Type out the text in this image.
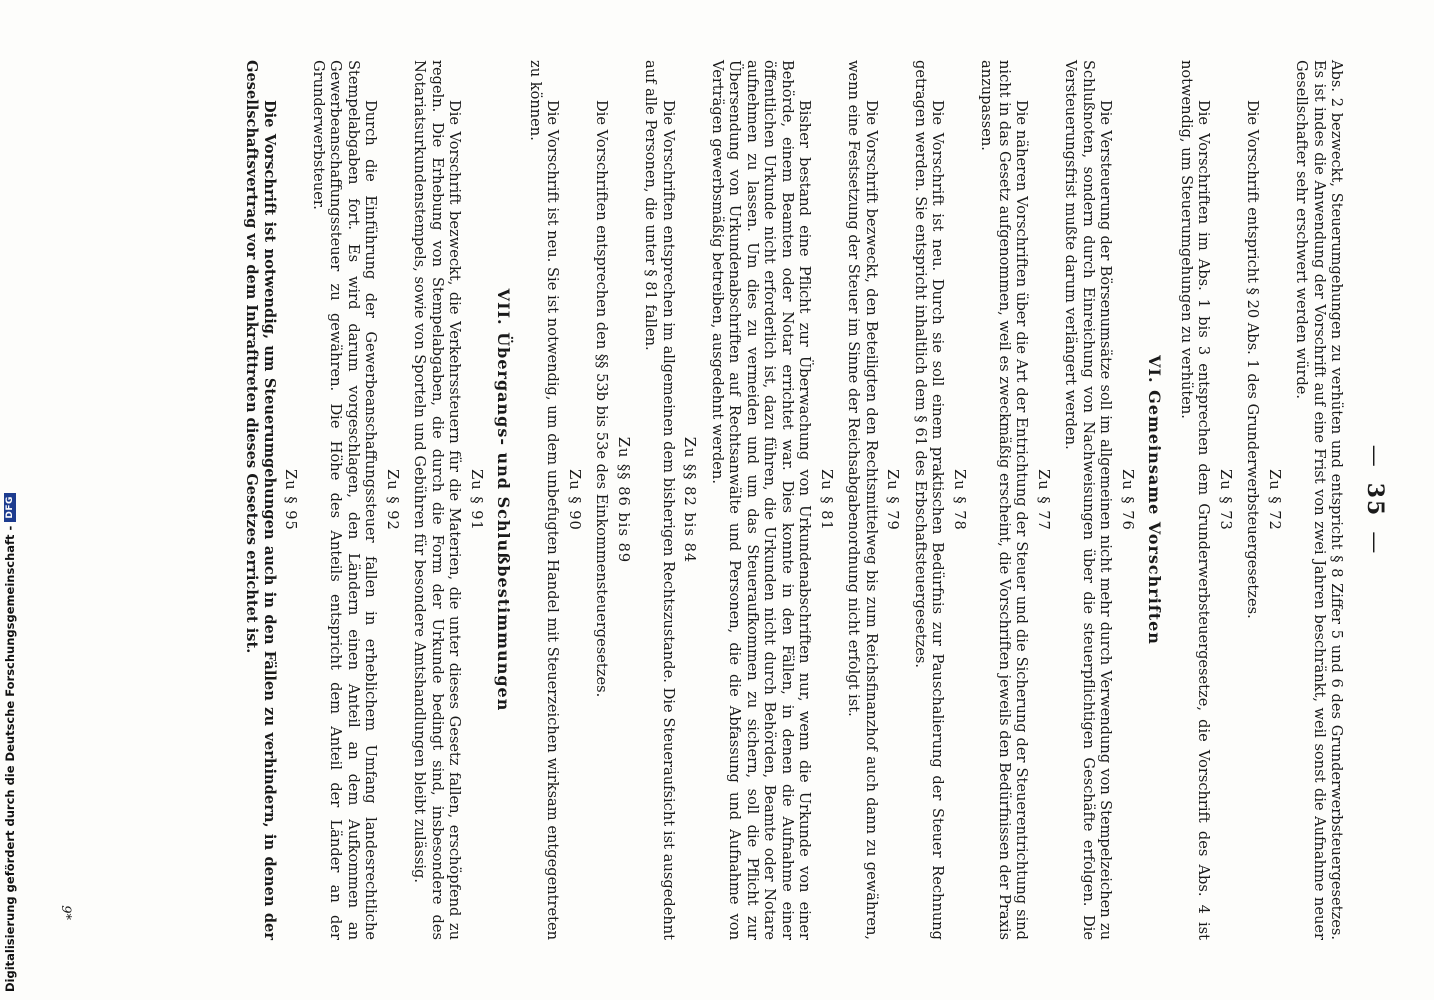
—35—

Abs. 2 bezweckt, Steuerumgehungen zu verhüten und entspricht § 8 Ziffer 5 und 6 des Grunderwerbsteuergesetzes. Es ist indes die Anwendung der Vorschrift auf eine Frist von zwei Jahren beschränkt, weil sonst die Aufnahme neuer Gesellschafter sehr erschwert werden würde.

Zu § 72

Die Vorschrift entspricht § 20 Abs. 1 des Grunderwerbsteuergesetzes.

Zu § 73

Die Vorschriften im Abs. 1 bis 3 entsprechen dem Grunderwerbsteuergesetze, die Vorschrift des Abs. 4 ist notwendig, um Steuerumgehungen zu verhüten.

VI. Gemeinsame Vorschriften
Zu § 76

Die Versteuerung der Börsenumsätze soll im allgemeinen nicht mehr durch Verwendung von Stempelzeichen zu Schlußnoten, sondern durch Einreichung von Nachweisungen über die steuerpflichtigen Geschäfte erfolgen. Die Versteuerungsfrist mußte darum verlängert werden.

Zu § 77

Die näheren Vorschriften über die Art der Entrichtung der Steuer und die Sicherung der Steuerentrichtung sind nicht in das Gesetz aufgenommen, weil es zweckmäßig erscheint, die Vorschriften jeweils den Bedürfnissen der Praxis anzupassen.

Zu § 78

Die Vorschrift ist neu. Durch sie soll einem praktischen Bedürfnis zur Pauschalierung der Steuer Rechnung getragen werden. Sie entspricht inhaltlich dem § 61 des Erbschaftsteuergesetzes.

Zu § 79

Die Vorschrift bezweckt, den Beteiligten den Rechtsmittelweg bis zum Reichsfinanzhof auch dann zu gewähren, wenn eine Festsetzung der Steuer im Sinne der Reichsabgabenordnung nicht erfolgt ist.

Zu § 81

Bisher bestand eine Pflicht zur Überwachung von Urkundenabschriften nur, wenn die Urkunde von einer Behörde, einem Beamten oder Notar errichtet war. Dies konnte in den Fällen, in denen die Aufnahme einer öffentlichen Urkunde nicht erforderlich ist, dazu führen, die Urkunden nicht durch Behörden, Beamte oder Notare aufnehmen zu lassen. Um dies zu vermeiden und um das Steueraufkommen zu sichern, soll die Pflicht zur Übersendung von Urkundenabschriften auf Rechtsanwälte und Personen, die die Abfassung und Aufnahme von Verträgen gewerbsmäßig betreiben, ausgedehnt werden.

Zu §§ 82 bis 84

Die Vorschriften entsprechen im allgemeinen dem bisherigen Rechtszustande. Die Steueraufsicht ist ausgedehnt auf alle Personen, die unter § 81 fallen.

Zu §§ 86 bis 89

Die Vorschriften entsprechen den §§ 53b bis 53e des Einkommensteuergesetzes.

Zu § 90

Die Vorschrift ist neu. Sie ist notwendig, um dem unbefugten Handel mit Steuerzeichen wirksam entgegentreten zu können.

VII. Übergangs- und Schlußbestimmungen
Zu § 91

Die Vorschrift bezweckt, die Verkehrssteuern für die Materien, die unter dieses Gesetz fallen, erschöpfend zu regeln. Die Erhebung von Stempelabgaben, die durch die Form der Urkunde bedingt sind, insbesondere des Notariatsurkundenstempels, sowie von Sporteln und Gebühren für besondere Amtshandlungen bleibt zulässig.

Zu § 92

Durch die Einführung der Gewerbeanschaffungssteuer fallen in erheblichem Umfang landesrechtliche Stempelabgaben fort. Es wird darum vorgeschlagen, den Ländern einen Anteil an dem Aufkommen an Gewerbeanschaffungssteuer zu gewähren. Die Höhe des Anteils entspricht dem Anteil der Länder an der Grunderwerbsteuer.

Zu § 95

Die Vorschrift ist notwendig, um Steuerumgehungen auch in den Fällen zu verhindern, in denen der Gesellschaftsvertrag vor dem Inkrafttreten dieses Gesetzes errichtet ist.

9*
Digitalisierung gefördert durch die Deutsche Forschungsgemeinschaft -
DFG
